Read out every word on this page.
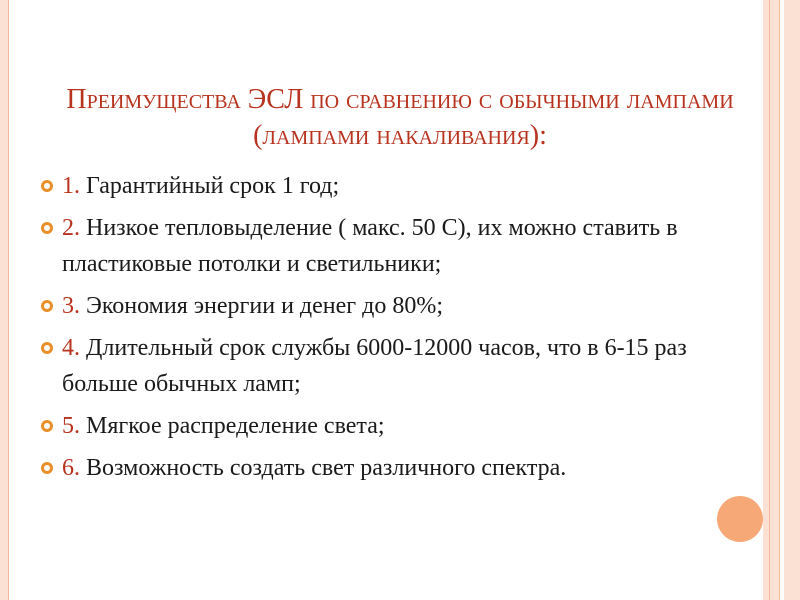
Преимущества ЭСЛ по сравнению с обычными лампами (лампами накаливания):
1. Гарантийный срок 1 год;
2. Низкое тепловыделение ( макс. 50 С), их можно ставить в пластиковые потолки и светильники;
3. Экономия энергии и денег до 80%;
4. Длительный срок службы 6000-12000 часов, что в 6-15 раз больше обычных ламп;
5. Мягкое распределение света;
6. Возможность создать свет различного спектра.
